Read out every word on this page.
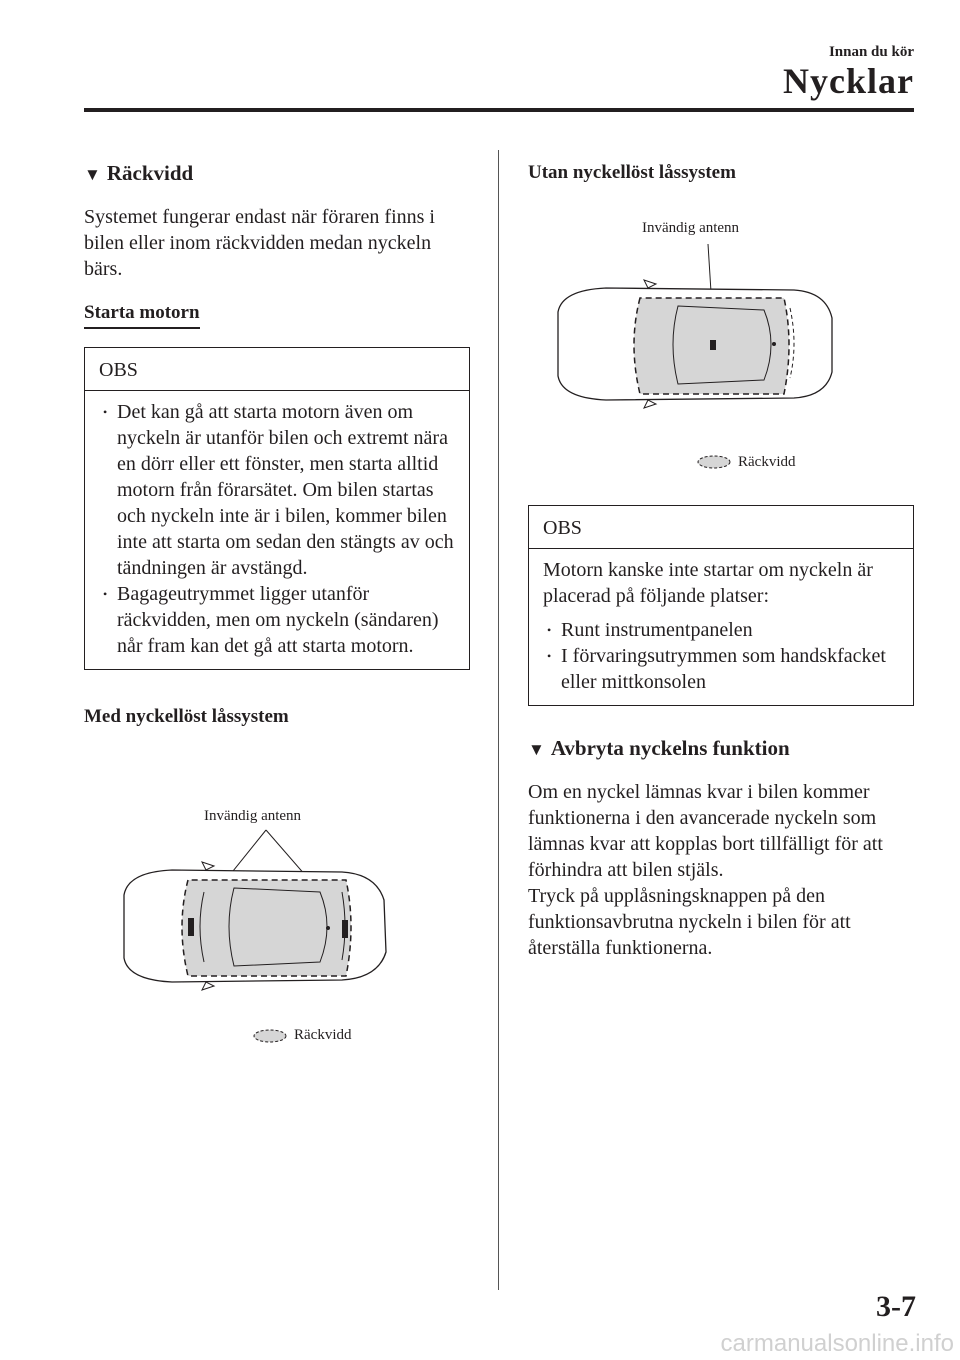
Innan du kör
Nycklar
▼ Räckvidd

Systemet fungerar endast när föraren finns i bilen eller inom räckvidden medan nyckeln bärs.

Starta motorn
OBS
• Det kan gå att starta motorn även om nyckeln är utanför bilen och extremt nära en dörr eller ett fönster, men starta alltid motorn från förarsätet. Om bilen startas och nyckeln inte är i bilen, kommer bilen inte att starta om sedan den stängts av och tändningen är avstängd.
• Bagageutrymmet ligger utanför räckvidden, men om nyckeln (sändaren) når fram kan det gå att starta motorn.
Med nyckellöst låssystem
Invändig antenn
Räckvidd
Utan nyckellöst låssystem
Invändig antenn
Räckvidd
OBS

Motorn kanske inte startar om nyckeln är placerad på följande platser:

• Runt instrumentpanelen
• I förvaringsutrymmen som handskfacket eller mittkonsolen
▼ Avbryta nyckelns funktion

Om en nyckel lämnas kvar i bilen kommer funktionerna i den avancerade nyckeln som lämnas kvar att kopplas bort tillfälligt för att förhindra att bilen stjäls.

Tryck på upplåsningsknappen på den funktionsavbrutna nyckeln i bilen för att återställa funktionerna.

3-7
carmanualsonline.info
